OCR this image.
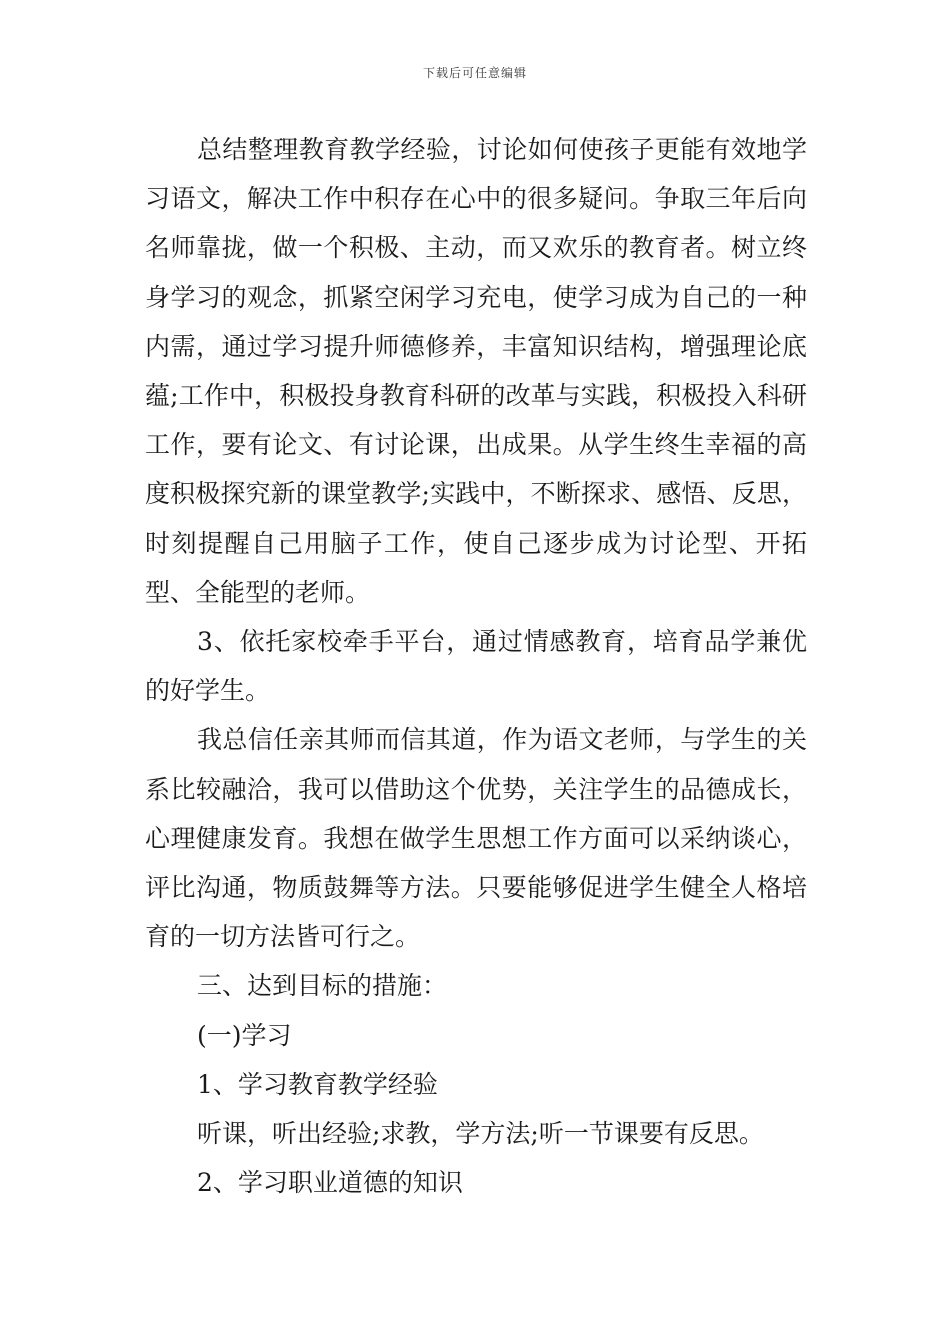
下载后可任意编辑

总结整理教育教学经验，讨论如何使孩子更能有效地学习语文，解决工作中积存在心中的很多疑问。争取三年后向名师靠拢，做一个积极、主动，而又欢乐的教育者。树立终身学习的观念，抓紧空闲学习充电，使学习成为自己的一种内需，通过学习提升师德修养，丰富知识结构，增强理论底蕴;工作中，积极投身教育科研的改革与实践，积极投入科研工作，要有论文、有讨论课，出成果。从学生终生幸福的高度积极探究新的课堂教学;实践中，不断探求、感悟、反思，时刻提醒自己用脑子工作，使自己逐步成为讨论型、开拓型、全能型的老师。

3、依托家校牵手平台，通过情感教育，培育品学兼优的好学生。

我总信任亲其师而信其道，作为语文老师，与学生的关系比较融洽，我可以借助这个优势，关注学生的品德成长，心理健康发育。我想在做学生思想工作方面可以采纳谈心，评比沟通，物质鼓舞等方法。只要能够促进学生健全人格培育的一切方法皆可行之。

三、达到目标的措施：

(一)学习

1、学习教育教学经验

听课，听出经验;求教，学方法;听一节课要有反思。

2、学习职业道德的知识
